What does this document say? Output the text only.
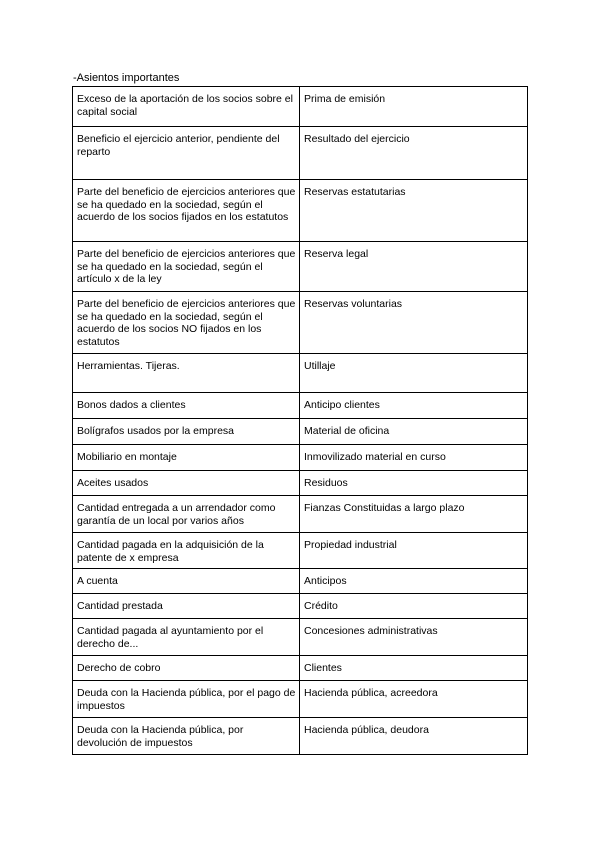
-Asientos importantes
Exceso de la aportación de los socios sobre el capital social	Prima de emisión
Beneficio el ejercicio anterior, pendiente del reparto	Resultado del ejercicio
Parte del beneficio de ejercicios anteriores que se ha quedado en la sociedad, según el acuerdo de los socios fijados en los estatutos	Reservas estatutarias
Parte del beneficio de ejercicios anteriores que se ha quedado en la sociedad, según el artículo x de la ley	Reserva legal
Parte del beneficio de ejercicios anteriores que se ha quedado en la sociedad, según el acuerdo de los socios NO fijados en los estatutos	Reservas voluntarias
Herramientas. Tijeras.	Utillaje
Bonos dados a clientes	Anticipo clientes
Bolígrafos usados por la empresa	Material de oficina
Mobiliario en montaje	Inmovilizado material en curso
Aceites usados	Residuos
Cantidad entregada a un arrendador como garantía de un local por varios años	Fianzas Constituidas a largo plazo
Cantidad pagada en la adquisición de la patente de x empresa	Propiedad industrial
A cuenta	Anticipos
Cantidad prestada	Crédito
Cantidad pagada al ayuntamiento por el derecho de...	Concesiones administrativas
Derecho de cobro	Clientes
Deuda con la Hacienda pública, por el pago de impuestos	Hacienda pública, acreedora
Deuda con la Hacienda pública, por devolución de impuestos	Hacienda pública, deudora
